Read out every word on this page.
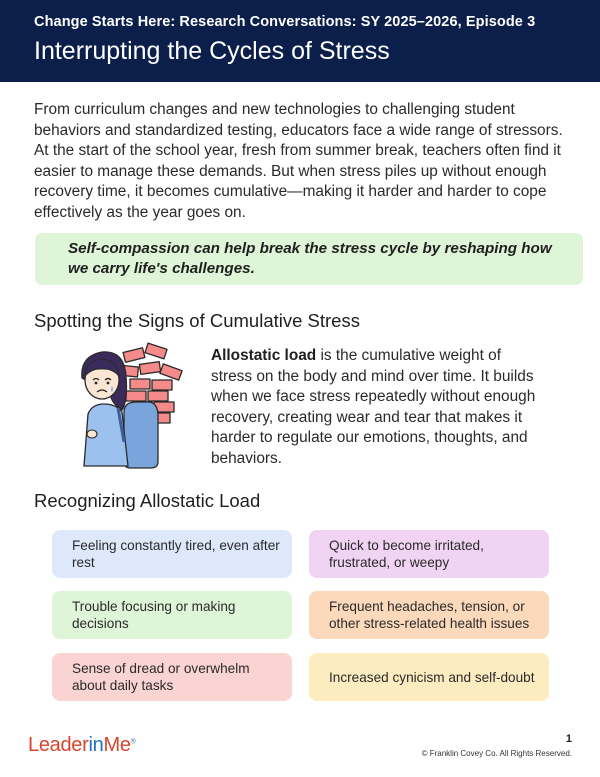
Change Starts Here: Research Conversations: SY 2025–2026, Episode 3
Interrupting the Cycles of Stress
From curriculum changes and new technologies to challenging student behaviors and standardized testing, educators face a wide range of stressors. At the start of the school year, fresh from summer break, teachers often find it easier to manage these demands. But when stress piles up without enough recovery time, it becomes cumulative—making it harder and harder to cope effectively as the year goes on.
Self-compassion can help break the stress cycle by reshaping how we carry life's challenges.
Spotting the Signs of Cumulative Stress
Allostatic load is the cumulative weight of stress on the body and mind over time. It builds when we face stress repeatedly without enough recovery, creating wear and tear that makes it harder to regulate our emotions, thoughts, and behaviors.
Recognizing Allostatic Load
Feeling constantly tired, even after rest
Quick to become irritated, frustrated, or weepy
Trouble focusing or making decisions
Frequent headaches, tension, or other stress-related health issues
Sense of dread or overwhelm about daily tasks
Increased cynicism and self-doubt
LeaderinMe®	1
© Franklin Covey Co. All Rights Reserved.
